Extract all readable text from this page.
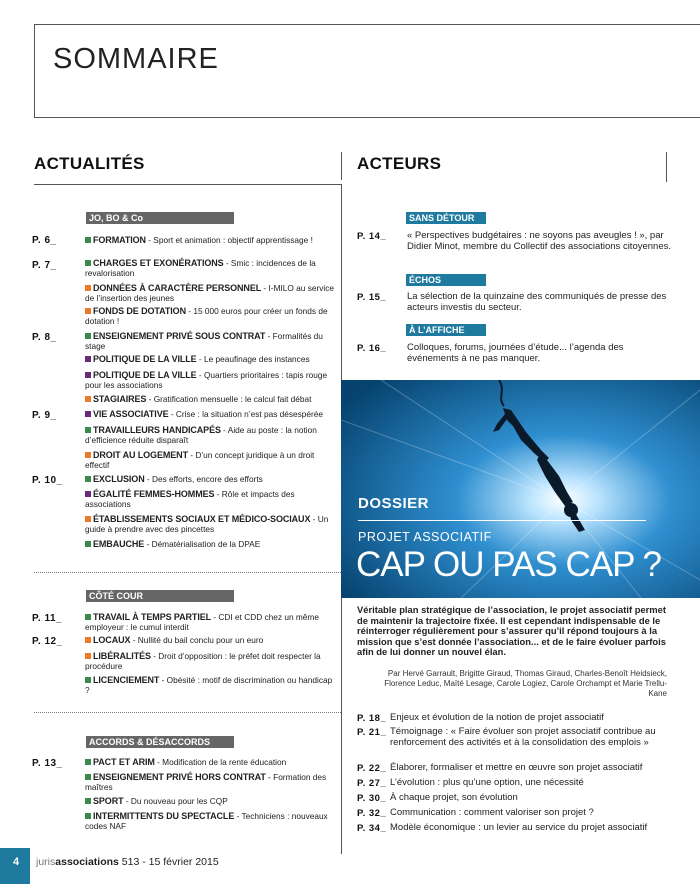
SOMMAIRE
ACTUALITÉS	ACTEURS
JO, BO & Co
P. 6_	FORMATION - Sport et animation : objectif apprentissage !
P. 7_	CHARGES ET EXONÉRATIONS - Smic : incidences de la revalorisation
DONNÉES À CARACTÈRE PERSONNEL - I-MILO au service de l’insertion des jeunes
FONDS DE DOTATION - 15 000 euros pour créer un fonds de dotation !
P. 8_	ENSEIGNEMENT PRIVÉ SOUS CONTRAT - Formalités du stage
POLITIQUE DE LA VILLE - Le peaufinage des instances
POLITIQUE DE LA VILLE - Quartiers prioritaires : tapis rouge pour les associations
STAGIAIRES - Gratification mensuelle : le calcul fait débat
P. 9_	VIE ASSOCIATIVE - Crise : la situation n’est pas désespérée
TRAVAILLEURS HANDICAPÉS - Aide au poste : la notion d’efficience réduite disparaît
DROIT AU LOGEMENT - D’un concept juridique à un droit effectif
P. 10_	EXCLUSION - Des efforts, encore des efforts
ÉGALITÉ FEMMES-HOMMES - Rôle et impacts des associations
ÉTABLISSEMENTS SOCIAUX ET MÉDICO-SOCIAUX - Un guide à prendre avec des pincettes
EMBAUCHE - Dématérialisation de la DPAE
CÔTÉ COUR
P. 11_	TRAVAIL À TEMPS PARTIEL - CDI et CDD chez un même employeur : le cumul interdit
P. 12_	LOCAUX - Nullité du bail conclu pour un euro
LIBÉRALITÉS - Droit d’opposition : le préfet doit respecter la procédure
LICENCIEMENT - Obésité : motif de discrimination ou handicap ?
ACCORDS & DÉSACCORDS
P. 13_	PACT ET ARIM - Modification de la rente éducation
ENSEIGNEMENT PRIVÉ HORS CONTRAT - Formation des maîtres
SPORT - Du nouveau pour les CQP
INTERMITTENTS DU SPECTACLE - Techniciens : nouveaux codes NAF
SANS DÉTOUR
P. 14_ « Perspectives budgétaires : ne soyons pas aveugles ! », par Didier Minot, membre du Collectif des associations citoyennes.
ÉCHOS
P. 15_ La sélection de la quinzaine des communiqués de presse des acteurs investis du secteur.
À L’AFFICHE
P. 16_ Colloques, forums, journées d’étude... l’agenda des événements à ne pas manquer.
DOSSIER
PROJET ASSOCIATIF
CAP OU PAS CAP ?
Véritable plan stratégique de l’association, le projet associatif permet de maintenir la trajectoire fixée. Il est cependant indispensable de le réinterroger régulièrement pour s’assurer qu’il répond toujours à la mission que s’est donnée l’association... et de le faire évoluer parfois afin de lui donner un nouvel élan.
Par Hervé Garrault, Brigitte Giraud, Thomas Giraud, Charles-Benoît Heidsieck, Florence Leduc, Maïté Lesage, Carole Logiez, Carole Orchampt et Marie Trellu-Kane
P. 18_ Enjeux et évolution de la notion de projet associatif
P. 21_ Témoignage : « Faire évoluer son projet associatif contribue au renforcement des activités et à la consolidation des emplois »
P. 22_ Élaborer, formaliser et mettre en œuvre son projet associatif
P. 27_ L’évolution : plus qu’une option, une nécessité
P. 30_ À chaque projet, son évolution
P. 32_ Communication : comment valoriser son projet ?
P. 34_ Modèle économique : un levier au service du projet associatif
4	jurisassociations 513 - 15 février 2015
